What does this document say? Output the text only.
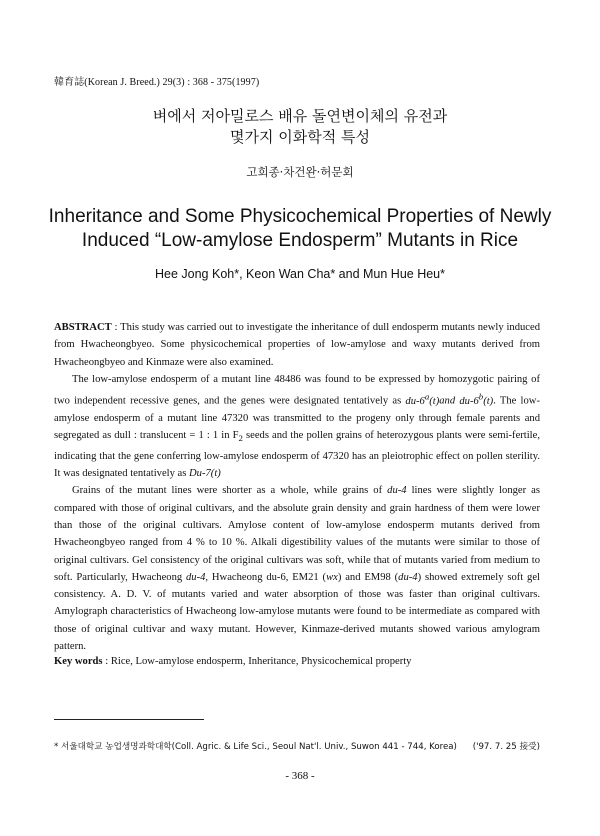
韓育誌(Korean J. Breed.) 29(3) : 368 - 375(1997)
벼에서 저아밀로스 배유 돌연변이체의 유전과
몇가지 이화학적 특성
고희종·차건완·허문회
Inheritance and Some Physicochemical Properties of Newly
Induced “Low-amylose Endosperm” Mutants in Rice
Hee Jong Koh*, Keon Wan Cha* and Mun Hue Heu*

ABSTRACT : This study was carried out to investigate the inheritance of dull endosperm mutants newly induced from Hwacheongbyeo. Some physicochemical properties of low-amylose and waxy mutants derived from Hwacheongbyeo and Kinmaze were also examined.

The low-amylose endosperm of a mutant line 48486 was found to be expressed by homozygotic pairing of two independent recessive genes, and the genes were designated tentatively as du-6$^a$(t)and du-6$^b$(t). The low-amylose endosperm of a mutant line 47320 was transmitted to the progeny only through female parents and segregated as dull : translucent = 1 : 1 in $F_2$ seeds and the pollen grains of heterozygous plants were semi-fertile, indicating that the gene conferring low-amylose endosperm of 47320 has an pleiotrophic effect on pollen sterility. It was designated tentatively as Du-7(t)

Grains of the mutant lines were shorter as a whole, while grains of du-4 lines were slightly longer as compared with those of original cultivars, and the absolute grain density and grain hardness of them were lower than those of the original cultivars. Amylose content of low-amylose endosperm mutants derived from Hwacheongbyeo ranged from 4 % to 10 %. Alkali digestibility values of the mutants were similar to those of original cultivars. Gel consistency of the original cultivars was soft, while that of mutants varied from medium to soft. Particularly, Hwacheong du-4, Hwacheong du-6, EM21 (wx) and EM98 (du-4) showed extremely soft gel consistency. A. D. V. of mutants varied and water absorption of those was faster than original cultivars. Amylograph characteristics of Hwacheong low-amylose mutants were found to be intermediate as compared with those of original cultivar and waxy mutant. However, Kinmaze-derived mutants showed various amylogram pattern.

Key words : Rice, Low-amylose endosperm, Inheritance, Physicochemical property
* 서울대학교 농업생명과학대학(Coll. Agric. & Life Sci., Seoul Nat'l. Univ., Suwon 441 - 744, Korea) ('97. 7. 25 接受)
- 368 -
